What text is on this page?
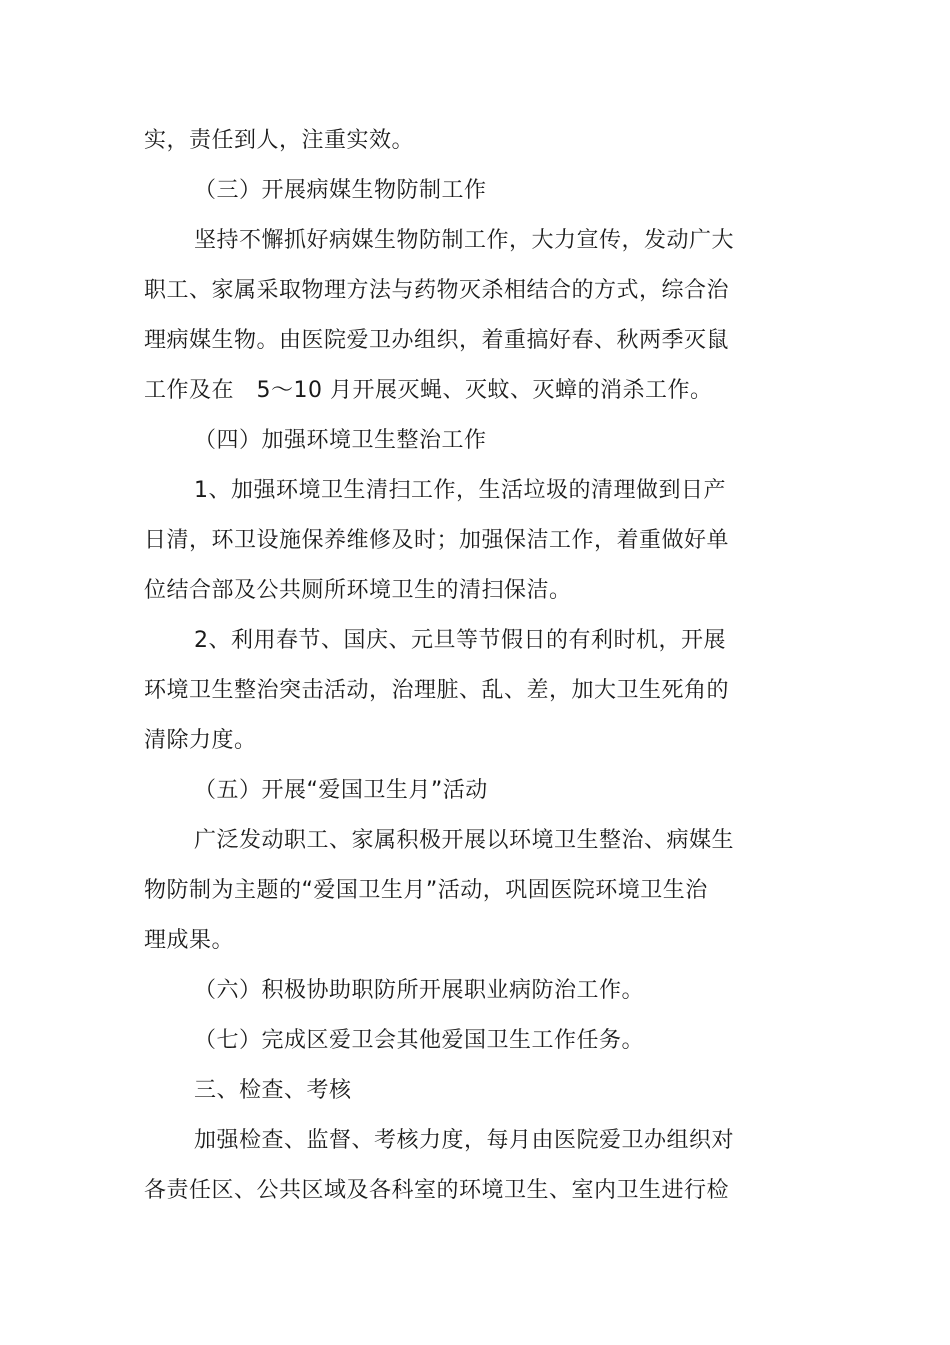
实，责任到人，注重实效。
（三）开展病媒生物防制工作
坚持不懈抓好病媒生物防制工作，大力宣传，发动广大
职工、家属采取物理方法与药物灭杀相结合的方式，综合治
理病媒生物。由医院爱卫办组织，着重搞好春、秋两季灭鼠
工作及在　5～10 月开展灭蝇、灭蚊、灭蟑的消杀工作。
（四）加强环境卫生整治工作
1、加强环境卫生清扫工作，生活垃圾的清理做到日产
日清，环卫设施保养维修及时；加强保洁工作，着重做好单
位结合部及公共厕所环境卫生的清扫保洁。
2、利用春节、国庆、元旦等节假日的有利时机，开展
环境卫生整治突击活动，治理脏、乱、差，加大卫生死角的
清除力度。
（五）开展“爱国卫生月”活动
广泛发动职工、家属积极开展以环境卫生整治、病媒生
物防制为主题的“爱国卫生月”活动，巩固医院环境卫生治
理成果。
（六）积极协助职防所开展职业病防治工作。
（七）完成区爱卫会其他爱国卫生工作任务。
三、检查、考核
加强检查、监督、考核力度，每月由医院爱卫办组织对
各责任区、公共区域及各科室的环境卫生、室内卫生进行检
